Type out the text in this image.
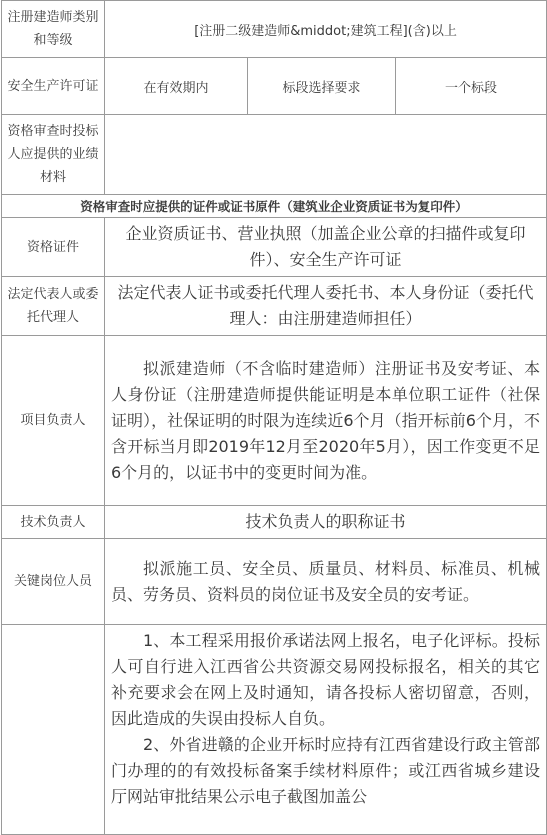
注册建造师类别和等级	[注册二级建造师&middot;建筑工程](含)以上		
安全生产许可证	在有效期内	标段选择要求	一个标段
资格审查时投标人应提供的业绩材料			
资格审查时应提供的证件或证书原件（建筑业企业资质证书为复印件）			
资格证件	企业资质证书、营业执照（加盖企业公章的扫描件或复印件）、安全生产许可证		
法定代表人或委托代理人	法定代表人证书或委托代理人委托书、本人身份证（委托代理人：由注册建造师担任）		
项目负责人	拟派建造师（不含临时建造师）注册证书及安考证、本人身份证（注册建造师提供能证明是本单位职工证件（社保证明），社保证明的时限为连续近6个月（指开标前6个月，不含开标当月即2019年12月至2020年5月），因工作变更不足6个月的，以证书中的变更时间为准。		

技术负责人	技术负责人的职称证书		
关键岗位人员	拟派施工员、安全员、质量员、材料员、标准员、机械员、劳务员、资料员的岗位证书及安全员的安考证。		

	1、本工程采用报价承诺法网上报名，电子化评标。投标人可自行进入江西省公共资源交易网投标报名，相关的其它补充要求会在网上及时通知，请各投标人密切留意，否则，因此造成的失误由投标人自负。
2、外省进赣的企业开标时应持有江西省建设行政主管部门办理的的有效投标备案手续材料原件；或江西省城乡建设厅网站审批结果公示电子截图加盖公		
